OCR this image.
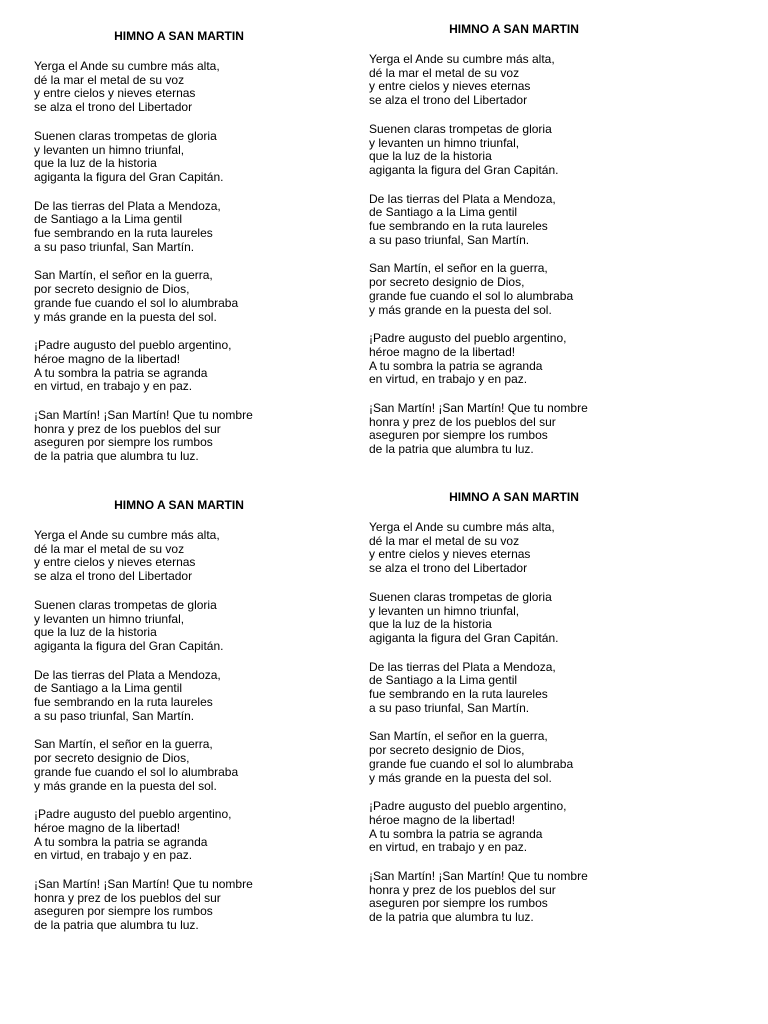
HIMNO A SAN MARTIN
Yerga el Ande su cumbre más alta,
dé la mar el metal de su voz
y entre cielos y nieves eternas
se alza el trono del Libertador
Suenen claras trompetas de gloria
y levanten un himno triunfal,
que la luz de la historia
agiganta la figura del Gran Capitán.
De las tierras del Plata a Mendoza,
de Santiago a la Lima gentil
fue sembrando en la ruta laureles
a su paso triunfal, San Martín.
San Martín, el señor en la guerra,
por secreto designio de Dios,
grande fue cuando el sol lo alumbraba
y más grande en la puesta del sol.
¡Padre augusto del pueblo argentino,
héroe magno de la libertad!
A tu sombra la patria se agranda
en virtud, en trabajo y en paz.
¡San Martín! ¡San Martín! Que tu nombre
honra y prez de los pueblos del sur
aseguren por siempre los rumbos
de la patria que alumbra tu luz.
HIMNO A SAN MARTIN
Yerga el Ande su cumbre más alta,
dé la mar el metal de su voz
y entre cielos y nieves eternas
se alza el trono del Libertador
Suenen claras trompetas de gloria
y levanten un himno triunfal,
que la luz de la historia
agiganta la figura del Gran Capitán.
De las tierras del Plata a Mendoza,
de Santiago a la Lima gentil
fue sembrando en la ruta laureles
a su paso triunfal, San Martín.
San Martín, el señor en la guerra,
por secreto designio de Dios,
grande fue cuando el sol lo alumbraba
y más grande en la puesta del sol.
¡Padre augusto del pueblo argentino,
héroe magno de la libertad!
A tu sombra la patria se agranda
en virtud, en trabajo y en paz.
¡San Martín! ¡San Martín! Que tu nombre
honra y prez de los pueblos del sur
aseguren por siempre los rumbos
de la patria que alumbra tu luz.
HIMNO A SAN MARTIN
Yerga el Ande su cumbre más alta,
dé la mar el metal de su voz
y entre cielos y nieves eternas
se alza el trono del Libertador
Suenen claras trompetas de gloria
y levanten un himno triunfal,
que la luz de la historia
agiganta la figura del Gran Capitán.
De las tierras del Plata a Mendoza,
de Santiago a la Lima gentil
fue sembrando en la ruta laureles
a su paso triunfal, San Martín.
San Martín, el señor en la guerra,
por secreto designio de Dios,
grande fue cuando el sol lo alumbraba
y más grande en la puesta del sol.
¡Padre augusto del pueblo argentino,
héroe magno de la libertad!
A tu sombra la patria se agranda
en virtud, en trabajo y en paz.
¡San Martín! ¡San Martín! Que tu nombre
honra y prez de los pueblos del sur
aseguren por siempre los rumbos
de la patria que alumbra tu luz.
HIMNO A SAN MARTIN
Yerga el Ande su cumbre más alta,
dé la mar el metal de su voz
y entre cielos y nieves eternas
se alza el trono del Libertador
Suenen claras trompetas de gloria
y levanten un himno triunfal,
que la luz de la historia
agiganta la figura del Gran Capitán.
De las tierras del Plata a Mendoza,
de Santiago a la Lima gentil
fue sembrando en la ruta laureles
a su paso triunfal, San Martín.
San Martín, el señor en la guerra,
por secreto designio de Dios,
grande fue cuando el sol lo alumbraba
y más grande en la puesta del sol.
¡Padre augusto del pueblo argentino,
héroe magno de la libertad!
A tu sombra la patria se agranda
en virtud, en trabajo y en paz.
¡San Martín! ¡San Martín! Que tu nombre
honra y prez de los pueblos del sur
aseguren por siempre los rumbos
de la patria que alumbra tu luz.
